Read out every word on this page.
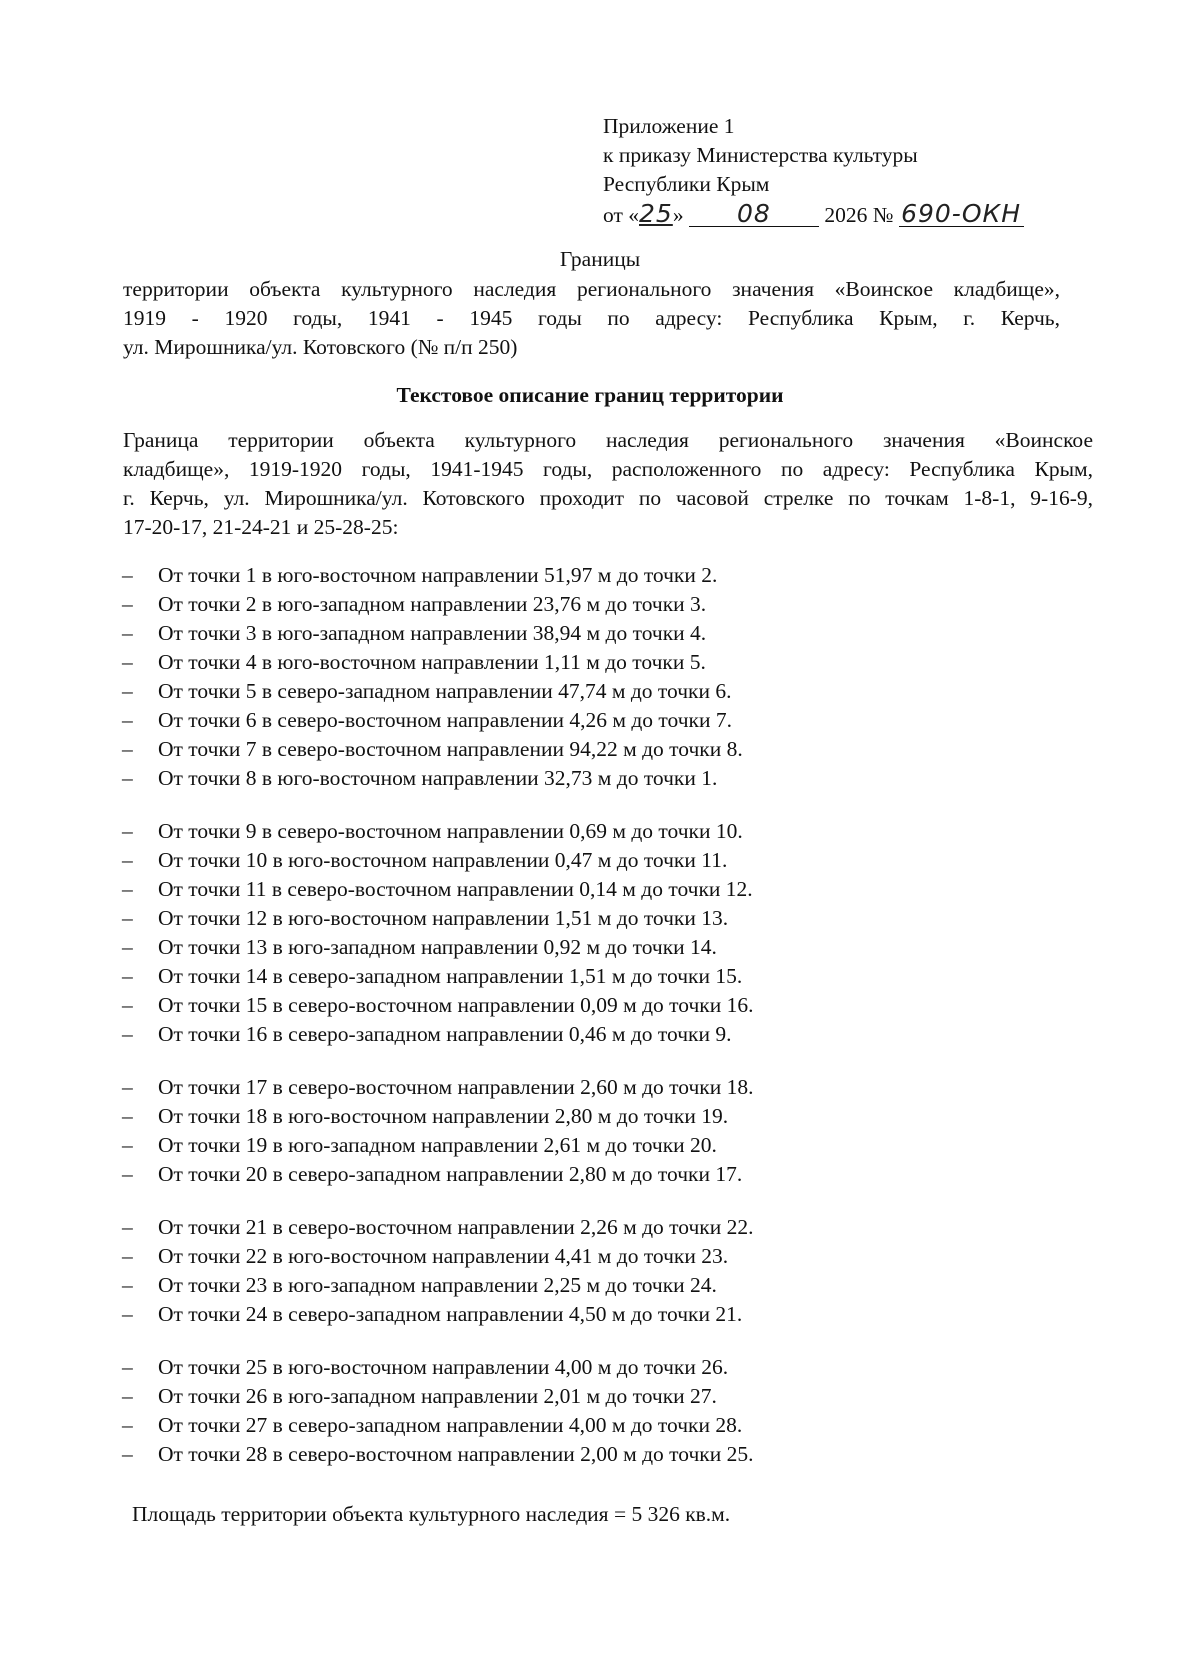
Приложение 1
к приказу Министерства культуры
Республики Крым
от «25» 08 2026 № 690-ОКН
Границы
территории объекта культурного наследия регионального значения «Воинское кладбище»,
1919 - 1920 годы, 1941 - 1945 годы по адресу: Республика Крым, г. Керчь,
ул. Мирошника/ул. Котовского (№ п/п 250)
Текстовое описание границ территории
Граница территории объекта культурного наследия регионального значения «Воинское
кладбище», 1919-1920 годы, 1941-1945 годы, расположенного по адресу: Республика Крым,
г. Керчь, ул. Мирошника/ул. Котовского проходит по часовой стрелке по точкам 1-8-1, 9-16-9,
17-20-17, 21-24-21 и 25-28-25:
– От точки 1 в юго-восточном направлении 51,97 м до точки 2.
– От точки 2 в юго-западном направлении 23,76 м до точки 3.
– От точки 3 в юго-западном направлении 38,94 м до точки 4.
– От точки 4 в юго-восточном направлении 1,11 м до точки 5.
– От точки 5 в северо-западном направлении 47,74 м до точки 6.
– От точки 6 в северо-восточном направлении 4,26 м до точки 7.
– От точки 7 в северо-восточном направлении 94,22 м до точки 8.
– От точки 8 в юго-восточном направлении 32,73 м до точки 1.
– От точки 9 в северо-восточном направлении 0,69 м до точки 10.
– От точки 10 в юго-восточном направлении 0,47 м до точки 11.
– От точки 11 в северо-восточном направлении 0,14 м до точки 12.
– От точки 12 в юго-восточном направлении 1,51 м до точки 13.
– От точки 13 в юго-западном направлении 0,92 м до точки 14.
– От точки 14 в северо-западном направлении 1,51 м до точки 15.
– От точки 15 в северо-восточном направлении 0,09 м до точки 16.
– От точки 16 в северо-западном направлении 0,46 м до точки 9.
– От точки 17 в северо-восточном направлении 2,60 м до точки 18.
– От точки 18 в юго-восточном направлении 2,80 м до точки 19.
– От точки 19 в юго-западном направлении 2,61 м до точки 20.
– От точки 20 в северо-западном направлении 2,80 м до точки 17.
– От точки 21 в северо-восточном направлении 2,26 м до точки 22.
– От точки 22 в юго-восточном направлении 4,41 м до точки 23.
– От точки 23 в юго-западном направлении 2,25 м до точки 24.
– От точки 24 в северо-западном направлении 4,50 м до точки 21.
– От точки 25 в юго-восточном направлении 4,00 м до точки 26.
– От точки 26 в юго-западном направлении 2,01 м до точки 27.
– От точки 27 в северо-западном направлении 4,00 м до точки 28.
– От точки 28 в северо-восточном направлении 2,00 м до точки 25.
Площадь территории объекта культурного наследия = 5 326 кв.м.
